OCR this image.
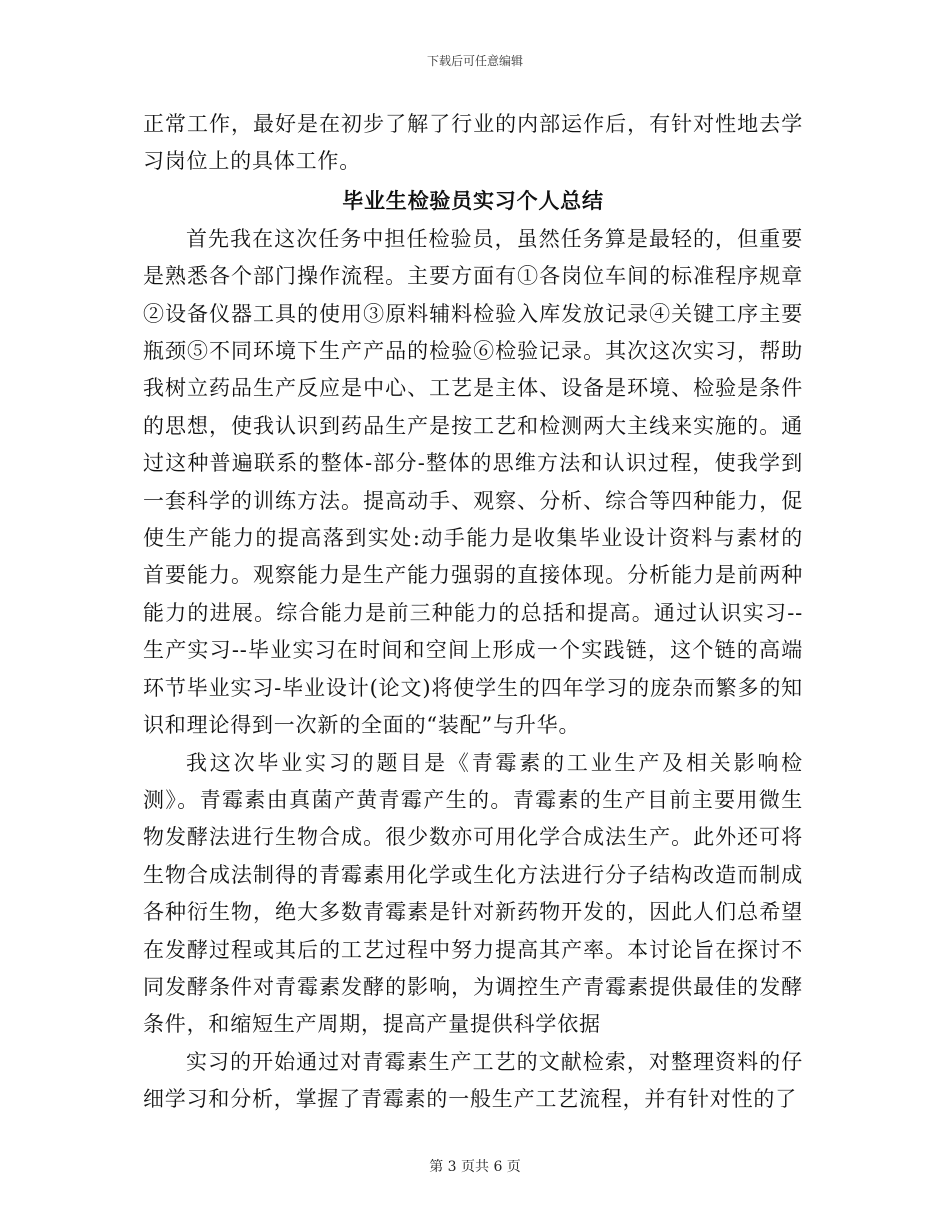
下载后可任意编辑

正常工作，最好是在初步了解了行业的内部运作后，有针对性地去学习岗位上的具体工作。

毕业生检验员实习个人总结

首先我在这次任务中担任检验员，虽然任务算是最轻的，但重要是熟悉各个部门操作流程。主要方面有①各岗位车间的标准程序规章②设备仪器工具的使用③原料辅料检验入库发放记录④关键工序主要瓶颈⑤不同环境下生产产品的检验⑥检验记录。其次这次实习，帮助我树立药品生产反应是中心、工艺是主体、设备是环境、检验是条件的思想，使我认识到药品生产是按工艺和检测两大主线来实施的。通过这种普遍联系的整体-部分-整体的思维方法和认识过程，使我学到一套科学的训练方法。提高动手、观察、分析、综合等四种能力，促使生产能力的提高落到实处:动手能力是收集毕业设计资料与素材的首要能力。观察能力是生产能力强弱的直接体现。分析能力是前两种能力的进展。综合能力是前三种能力的总括和提高。通过认识实习--生产实习--毕业实习在时间和空间上形成一个实践链，这个链的高端环节毕业实习-毕业设计(论文)将使学生的四年学习的庞杂而繁多的知识和理论得到一次新的全面的“装配”与升华。

我这次毕业实习的题目是《青霉素的工业生产及相关影响检测》。青霉素由真菌产黄青霉产生的。青霉素的生产目前主要用微生物发酵法进行生物合成。很少数亦可用化学合成法生产。此外还可将生物合成法制得的青霉素用化学或生化方法进行分子结构改造而制成各种衍生物，绝大多数青霉素是针对新药物开发的，因此人们总希望在发酵过程或其后的工艺过程中努力提高其产率。本讨论旨在探讨不同发酵条件对青霉素发酵的影响，为调控生产青霉素提供最佳的发酵条件，和缩短生产周期，提高产量提供科学依据

实习的开始通过对青霉素生产工艺的文献检索，对整理资料的仔细学习和分析，掌握了青霉素的一般生产工艺流程，并有针对性的了

第 3 页共 6 页
